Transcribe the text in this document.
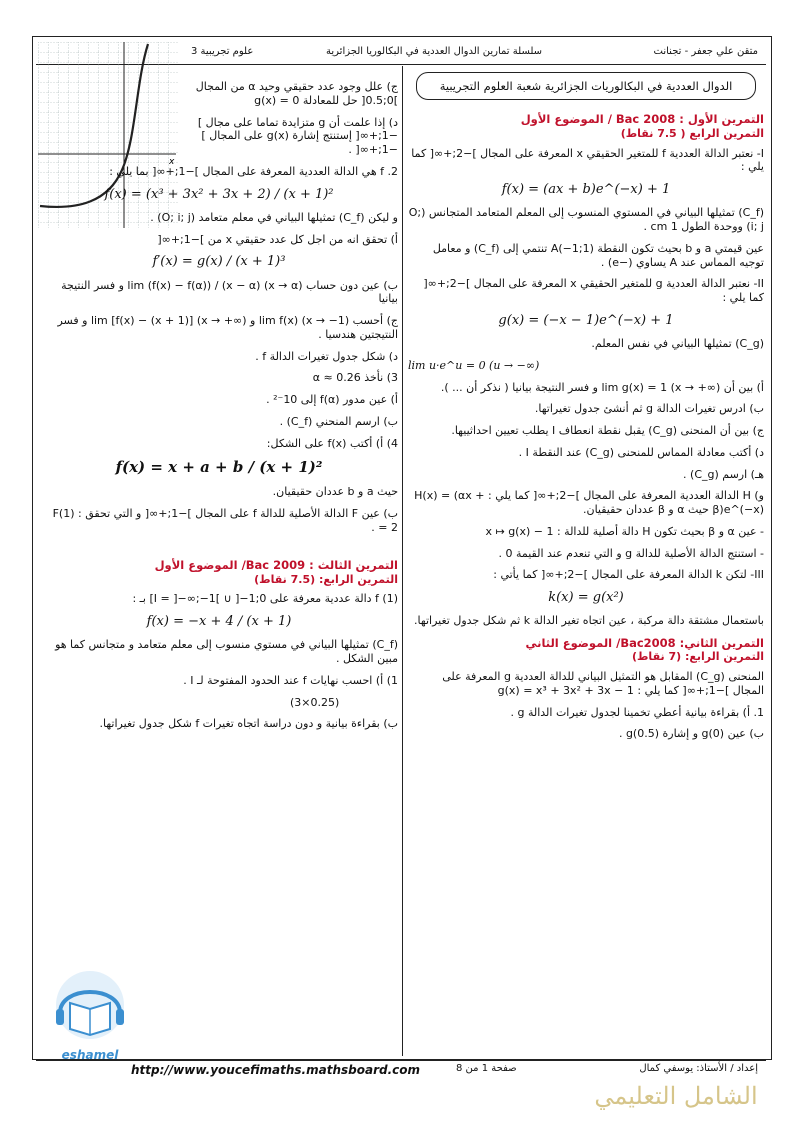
متقن علي جعفر - تجنانت
سلسلة تمارين الدوال العددية في البكالوريا الجزائرية
3 علوم تجريبية
x
الدوال العددية في البكالوريات الجزائرية شعبة العلوم التجريبية
التمرين الأول : Bac 2008 / الموضوع الأول
التمرين الرابع ( 7.5 نقاط)
I- نعتبر الدالة العددية f للمتغير الحقيقي x المعرفة على المجال ]−2;+∞[ كما يلي :
f(x) = (ax + b)e^(−x) + 1
(C_f) تمثيلها البياني في المستوي المنسوب إلى المعلم المتعامد المتجانس (O; i; j) ووحدة الطول 1 cm .
عين قيمتي a و b بحيث تكون النقطة A(−1;1) تنتمي إلى (C_f) و معامل توجيه المماس عند A يساوي (−e) .
II- نعتبر الدالة العددية g للمتغير الحقيقي x المعرفة على المجال ]−2;+∞[ كما يلي :
g(x) = (−x − 1)e^(−x) + 1
(C_g) تمثيلها البياني في نفس المعلم.
lim u·e^u = 0 (u → −∞)
أ) بين أن lim g(x) = 1 (x → +∞) و فسر النتيجة بيانيا ( نذكر أن ... ).
ب) ادرس تغيرات الدالة g ثم أنشئ جدول تغيراتها.
ج) بين أن المنحنى (C_g) يقبل نقطة انعطاف I يطلب تعيين احداثييها.
د) أكتب معادلة المماس للمنحنى (C_g) عند النقطة I .
هـ) ارسم (C_g) .
و) H الدالة العددية المعرفة على المجال ]−2;+∞[ كما يلي : H(x) = (αx + β)e^(−x) حيث α و β عددان حقيقيان.
- عين α و β بحيث تكون H دالة أصلية للدالة : x ↦ g(x) − 1
- استنتج الدالة الأصلية للدالة g و التي تنعدم عند القيمة 0 .
III- لتكن k الدالة المعرفة على المجال ]−2;+∞[ كما يأتي :
k(x) = g(x²)
باستعمال مشتقة دالة مركبة ، عين اتجاه تغير الدالة k ثم شكل جدول تغيراتها.
التمرين الثاني: Bac2008/ الموضوع الثاني
التمرين الرابع: (7 نقاط)
المنحنى (C_g) المقابل هو التمثيل البياني للدالة العددية g المعرفة على المجال ]−1;+∞[ كما يلي : g(x) = x³ + 3x² + 3x − 1
1. أ) بقراءة بيانية أعطي تخمينا لجدول تغيرات الدالة g .
ب) عين g(0) و إشارة g(0.5) .
ج) علل وجود عدد حقيقي وحيد α من المجال ]0;0.5[ حل للمعادلة g(x) = 0
د) إذا علمت أن g متزايدة تماما على مجال ]−1;+∞[ إستنتج إشارة g(x) على المجال ]−1;+∞[ .
2. f هي الدالة العددية المعرفة على المجال ]−1;+∞[ بما يلي :
f(x) = (x³ + 3x² + 3x + 2) / (x + 1)²
و ليكن (C_f) تمثيلها البياني في معلم متعامد (O; i; j) .
أ) تحقق انه من اجل كل عدد حقيقي x من ]−1;+∞[
f′(x) = g(x) / (x + 1)³
ب) عين دون حساب lim (f(x) − f(α)) / (x − α) (x → α) و فسر النتيجة بيانيا
ج) أحسب lim f(x) (x → −1) و lim [f(x) − (x + 1)] (x → +∞) و فسر النتيجتين هندسيا .
د) شكل جدول تغيرات الدالة f .
3) نأخذ α ≈ 0.26
أ) عين مدور f(α) إلى 10⁻² .
ب) ارسم المنحني (C_f) .
4) أ) أكتب f(x) على الشكل:
f(x) = x + a + b / (x + 1)²
حيث a و b عددان حقيقيان.
ب) عين F الدالة الأصلية للدالة f على المجال ]−1;+∞[ و التي تحقق : F(1) = 2 .
التمرين الثالث : Bac 2009/ الموضوع الأول
التمرين الرابع: (7.5 نقاط)
f (1) دالة عددية معرفة على I = ]−∞;−1[ ∪ ]−1;0] بـ :
f(x) = −x + 4 / (x + 1)
(C_f) تمثيلها البياني في مستوي منسوب إلى معلم متعامد و متجانس كما هو مبين الشكل .
1) أ) احسب نهايات f عند الحدود المفتوحة لـ I .
(3×0.25)
ب) بقراءة بيانية و دون دراسة اتجاه تغيرات f شكل جدول تغيراتها.
eshamel
http://www.youcefimaths.mathsboard.com	صفحة 1 من 8	إعداد / الأستاذ: يوسفي كمال
الشامل التعليمي
